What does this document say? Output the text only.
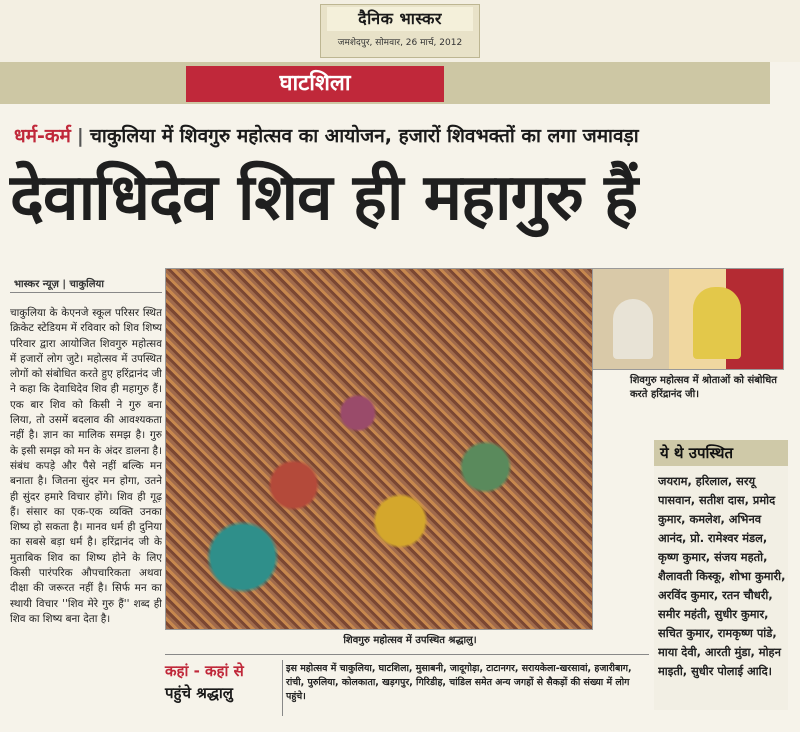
दैनिक भास्कर
जमशेदपुर, सोमवार, 26 मार्च, 2012
घाटशिला
धर्म-कर्म | चाकुलिया में शिवगुरु महोत्सव का आयोजन, हजारों शिवभक्तों का लगा जमावड़ा
देवाधिदेव शिव ही महागुरु हैं
भास्कर न्यूज़ | चाकुलिया
चाकुलिया के केएनजे स्कूल परिसर स्थित क्रिकेट स्टेडियम में रविवार को शिव शिष्य परिवार द्वारा आयोजित शिवगुरु महोत्सव में हजारों लोग जुटे। महोत्सव में उपस्थित लोगों को संबोधित करते हुए हरिंद्रानंद जी ने कहा कि देवाधिदेव शिव ही महागुरु हैं। एक बार शिव को किसी ने गुरु बना लिया, तो उसमें बदलाव की आवश्यकता नहीं है। ज्ञान का मालिक समझ है। गुरु के इसी समझ को मन के अंदर डालना है। संबंध कपड़े और पैसे नहीं बल्कि मन बनाता है। जितना सुंदर मन होगा, उतने ही सुंदर हमारे विचार होंगे। शिव ही गूढ़ हैं। संसार का एक-एक व्यक्ति उनका शिष्य हो सकता है। मानव धर्म ही दुनिया का सबसे बड़ा धर्म है। हरिंद्रानंद जी के मुताबिक शिव का शिष्य होने के लिए किसी पारंपरिक औपचारिकता अथवा दीक्षा की जरूरत नहीं है। सिर्फ मन का स्थायी विचार ''शिव मेरे गुरु हैं'' शब्द ही शिव का शिष्य बना देता है।
शिवगुरु महोत्सव में उपस्थित श्रद्धालु।
शिवगुरु महोत्सव में श्रोताओं को संबोधित करते हरिंद्रानंद जी।
ये थे उपस्थित
जयराम, हरिलाल, सरयू पासवान, सतीश दास, प्रमोद कुमार, कमलेश, अभिनव आनंद, प्रो. रामेश्वर मंडल, कृष्ण कुमार, संजय महतो, शैलावती किस्कू, शोभा कुमारी, अरविंद कुमार, रतन चौधरी, समीर महंती, सुधीर कुमार, सचित कुमार, रामकृष्ण पांडे, माया देवी, आरती मुंडा, मोहन माइती, सुधीर पोलाई आदि।
कहां - कहां से
पहुंचे श्रद्धालु
इस महोत्सव में चाकुलिया, घाटशिला, मुसाबनी, जादूगोड़ा, टाटानगर, सरायकेला-खरसावां, हजारीबाग, रांची, पुरुलिया, कोलकाता, खड़गपुर, गिरिडीह, चांडिल समेत अन्य जगहों से सैकड़ों की संख्या में लोग पहुंचे।
